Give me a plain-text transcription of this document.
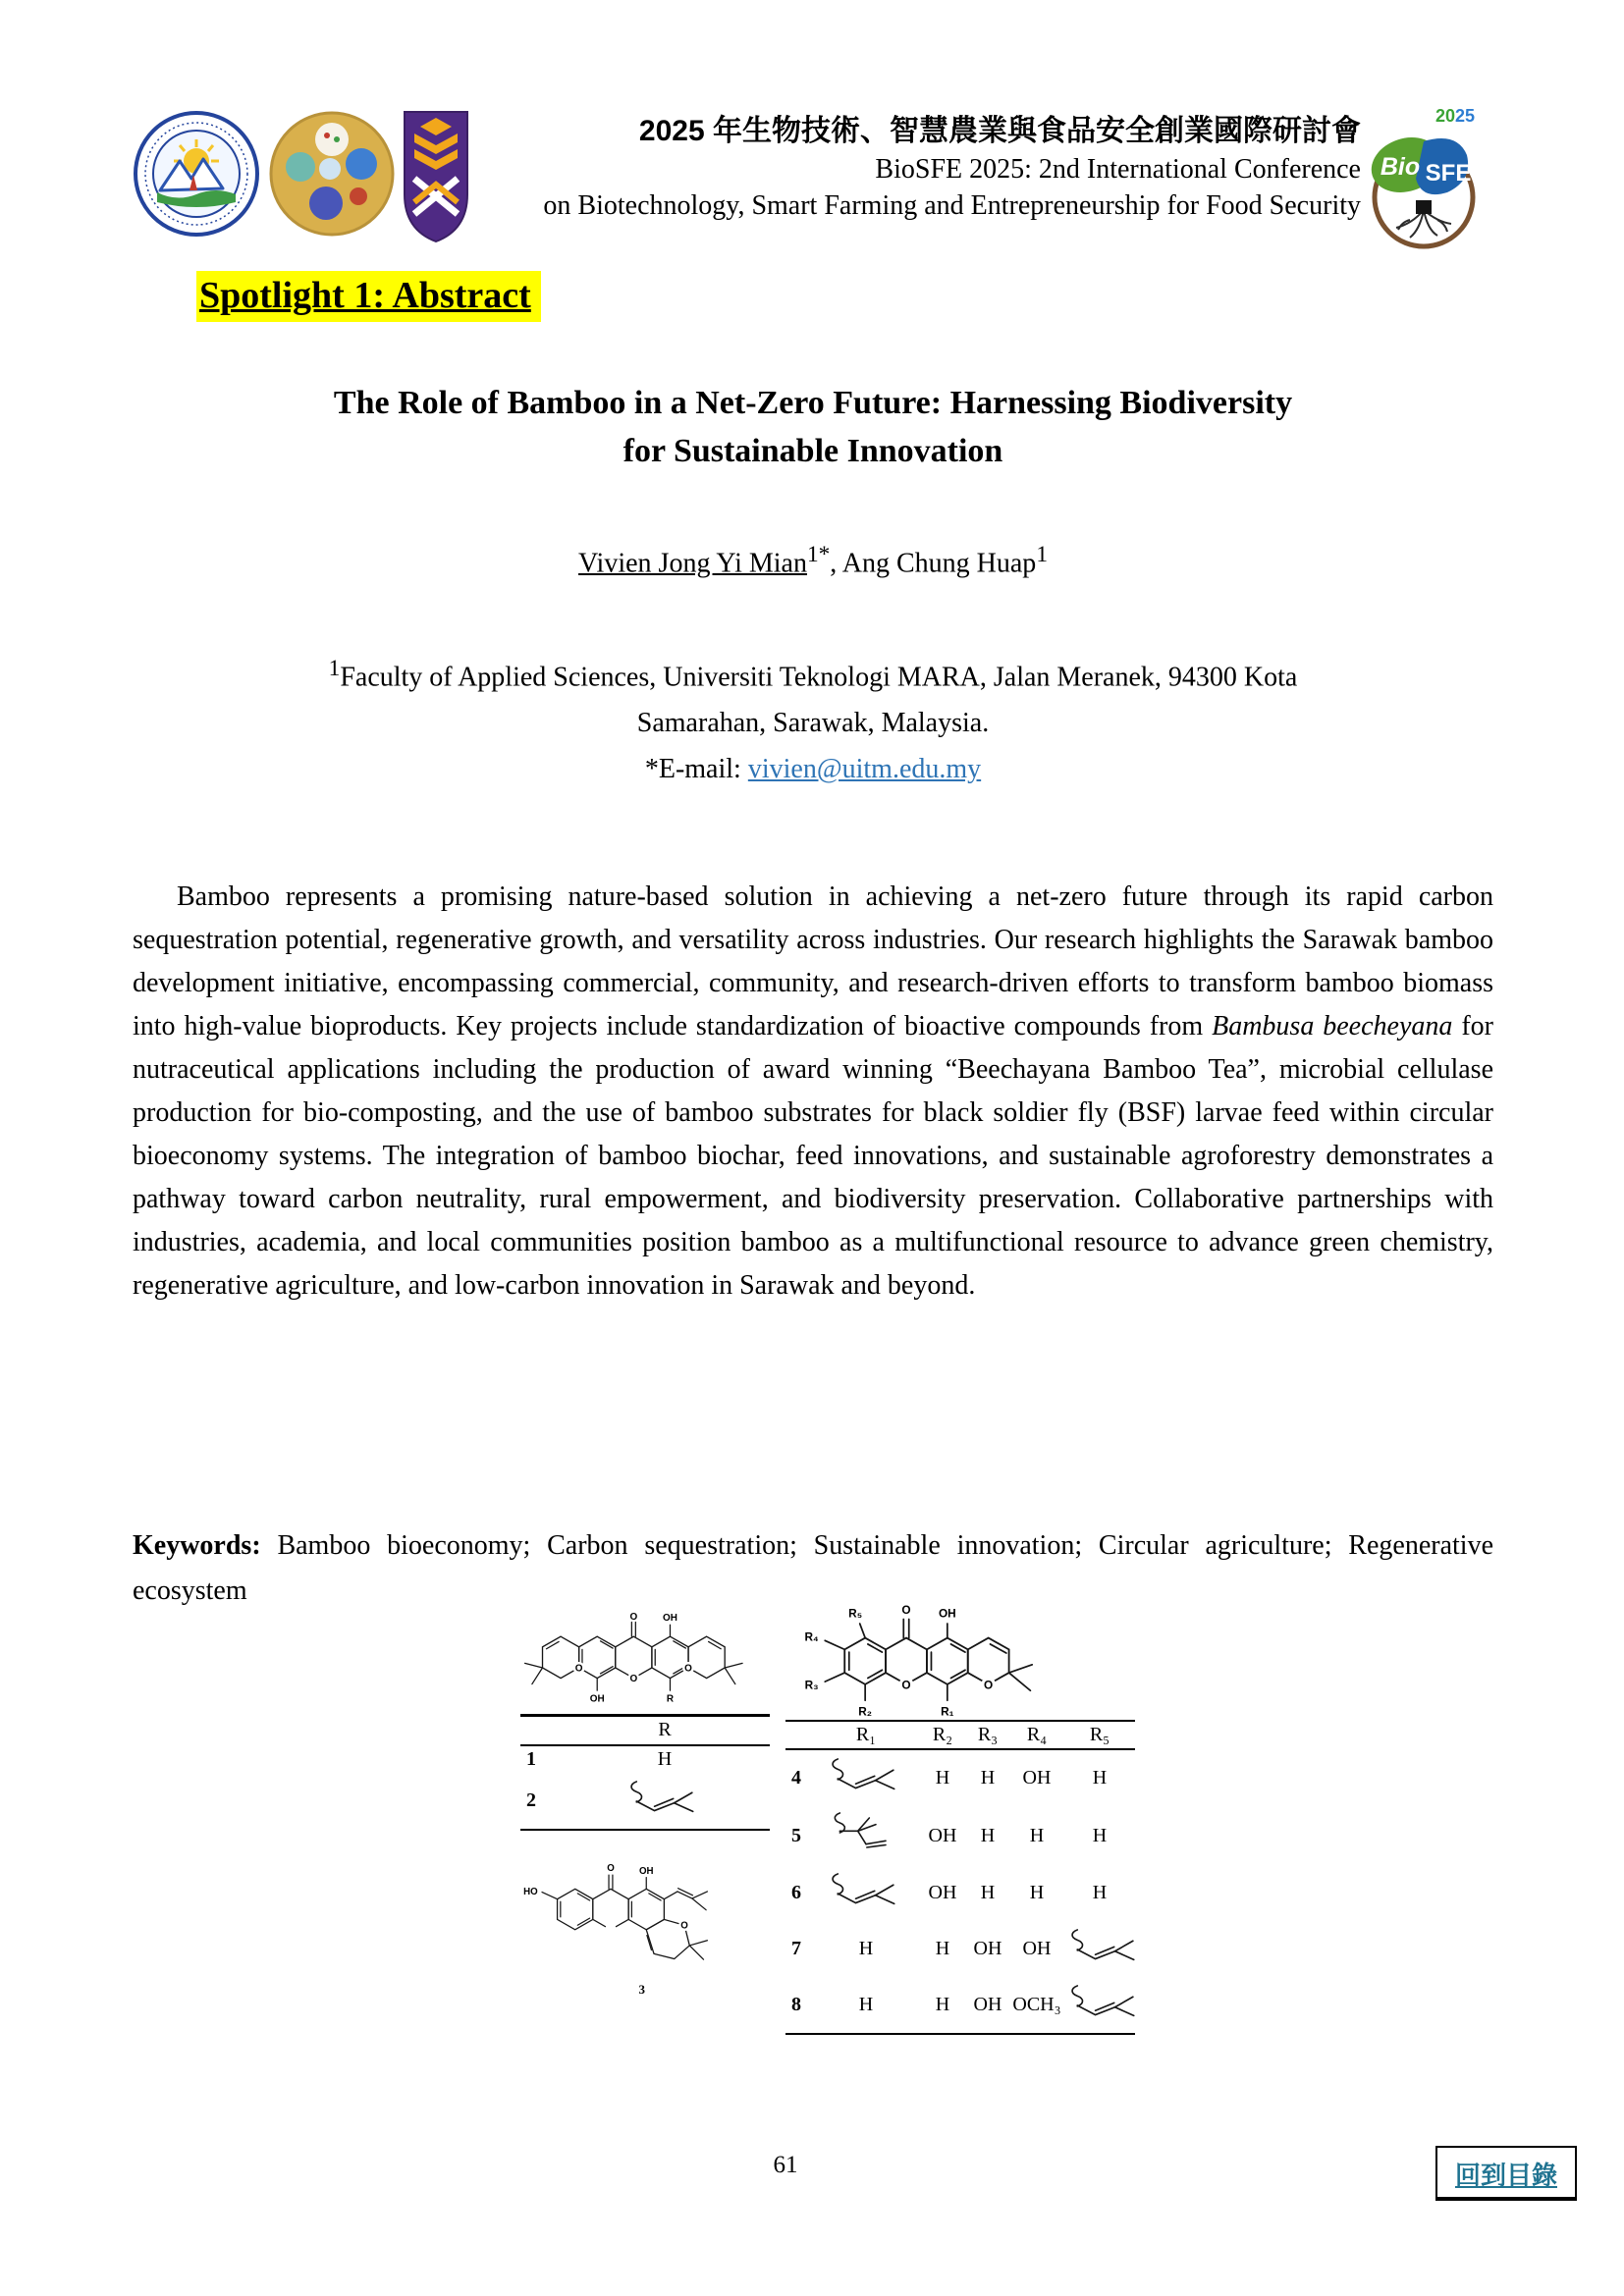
2025 年生物技術、智慧農業與食品安全創業國際研討會
BioSFE 2025: 2nd International Conference
on Biotechnology, Smart Farming and Entrepreneurship for Food Security
Bio SFE
2025
Spotlight 1: Abstract
The Role of Bamboo in a Net-Zero Future: Harnessing Biodiversity
for Sustainable Innovation
Vivien Jong Yi Mian$^{1*}$, Ang Chung Huap$^1$
$^1$Faculty of Applied Sciences, Universiti Teknologi MARA, Jalan Meranek, 94300 Kota
Samarahan, Sarawak, Malaysia.
*E-mail: vivien@uitm.edu.my

Bamboo represents a promising nature-based solution in achieving a net-zero future through its rapid carbon sequestration potential, regenerative growth, and versatility across industries. Our research highlights the Sarawak bamboo development initiative, encompassing commercial, community, and research-driven efforts to transform bamboo biomass into high-value bioproducts. Key projects include standardization of bioactive compounds from Bambusa beecheyana for nutraceutical applications including the production of award winning “Beechayana Bamboo Tea”, microbial cellulase production for bio-composting, and the use of bamboo substrates for black soldier fly (BSF) larvae feed within circular bioeconomy systems. The integration of bamboo biochar, feed innovations, and sustainable agroforestry demonstrates a pathway toward carbon neutrality, rural empowerment, and biodiversity preservation. Collaborative partnerships with industries, academia, and local communities position bamboo as a multifunctional resource to advance green chemistry, regenerative agriculture, and low-carbon innovation in Sarawak and beyond.

Keywords: Bamboo bioeconomy; Carbon sequestration; Sustainable innovation; Circular agriculture; Regenerative ecosystem

O OH
OH	R
O
O
O
	R
1	H
2	
O OH
R₅
R₄
R₃
R₂	R₁
O	O
	R₁	R₂	R₃	R₄	R₅
4		H	H	OH	H
5		OH	H	H	H
6		OH	H	H	H
7	H	H	OH	OH	
8	H	H	OH	OCH₃	
HO
O OH
O
3
61	回到目錄
